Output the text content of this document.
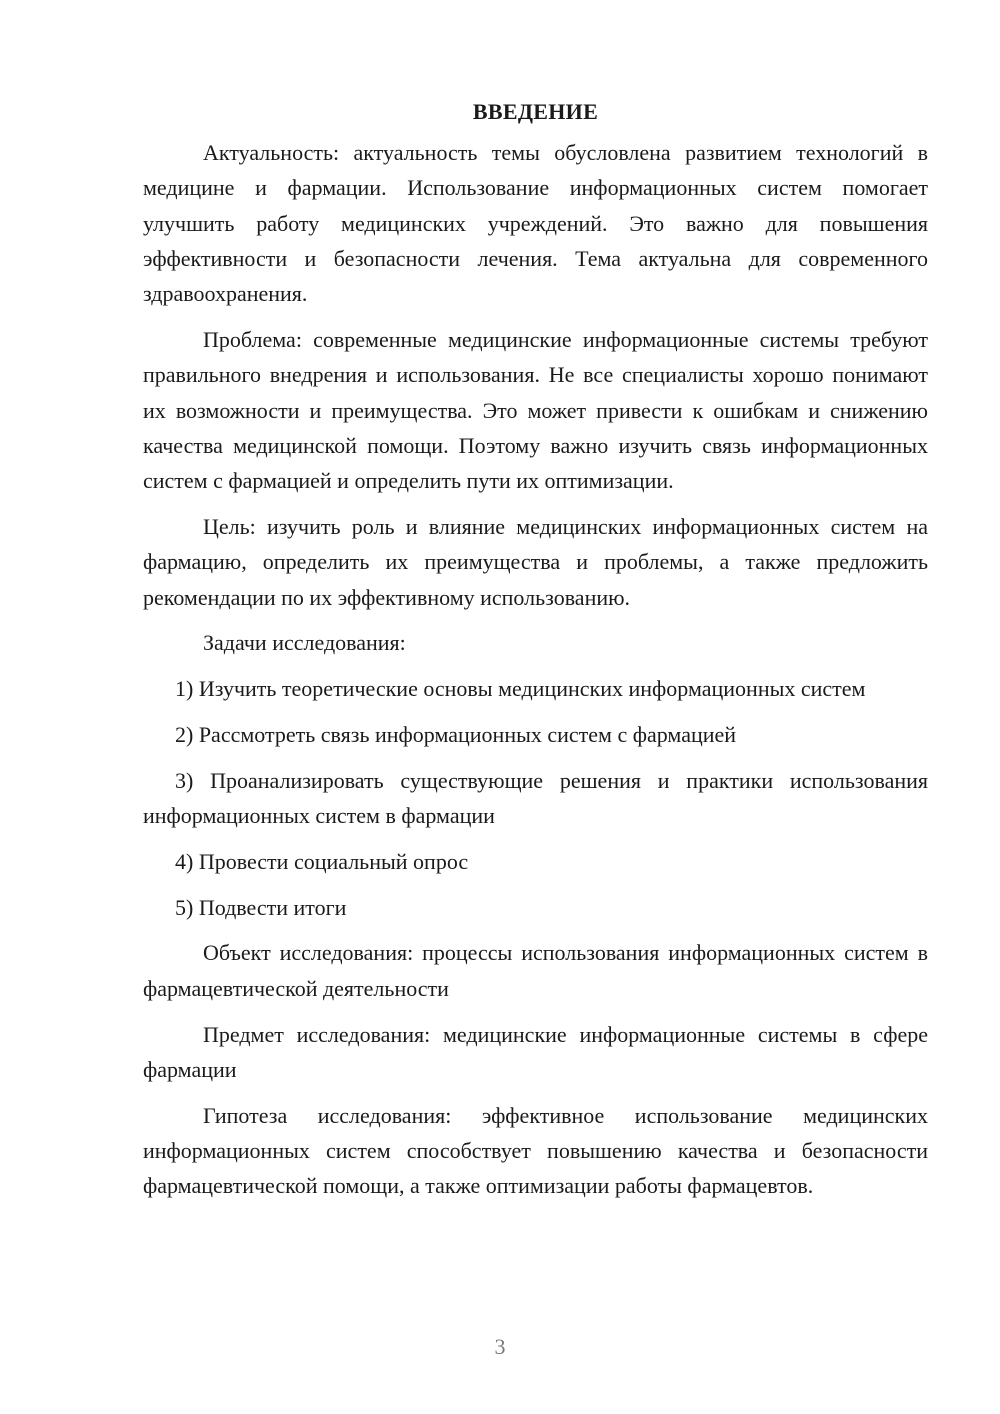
ВВЕДЕНИЕ

Актуальность: актуальность темы обусловлена развитием технологий в медицине и фармации. Использование информационных систем помогает улучшить работу медицинских учреждений. Это важно для повышения эффективности и безопасности лечения. Тема актуальна для современного здравоохранения.

Проблема: современные медицинские информационные системы требуют правильного внедрения и использования. Не все специалисты хорошо понимают их возможности и преимущества. Это может привести к ошибкам и снижению качества медицинской помощи. Поэтому важно изучить связь информационных систем с фармацией и определить пути их оптимизации.

Цель: изучить роль и влияние медицинских информационных систем на фармацию, определить их преимущества и проблемы, а также предложить рекомендации по их эффективному использованию.

Задачи исследования:

1) Изучить теоретические основы медицинских информационных систем

2) Рассмотреть связь информационных систем с фармацией

3) Проанализировать существующие решения и практики использования информационных систем в фармации

4) Провести социальный опрос

5) Подвести итоги

Объект исследования: процессы использования информационных систем в фармацевтической деятельности

Предмет исследования: медицинские информационные системы в сфере фармации

Гипотеза исследования: эффективное использование медицинских информационных систем способствует повышению качества и безопасности фармацевтической помощи, а также оптимизации работы фармацевтов.

3
